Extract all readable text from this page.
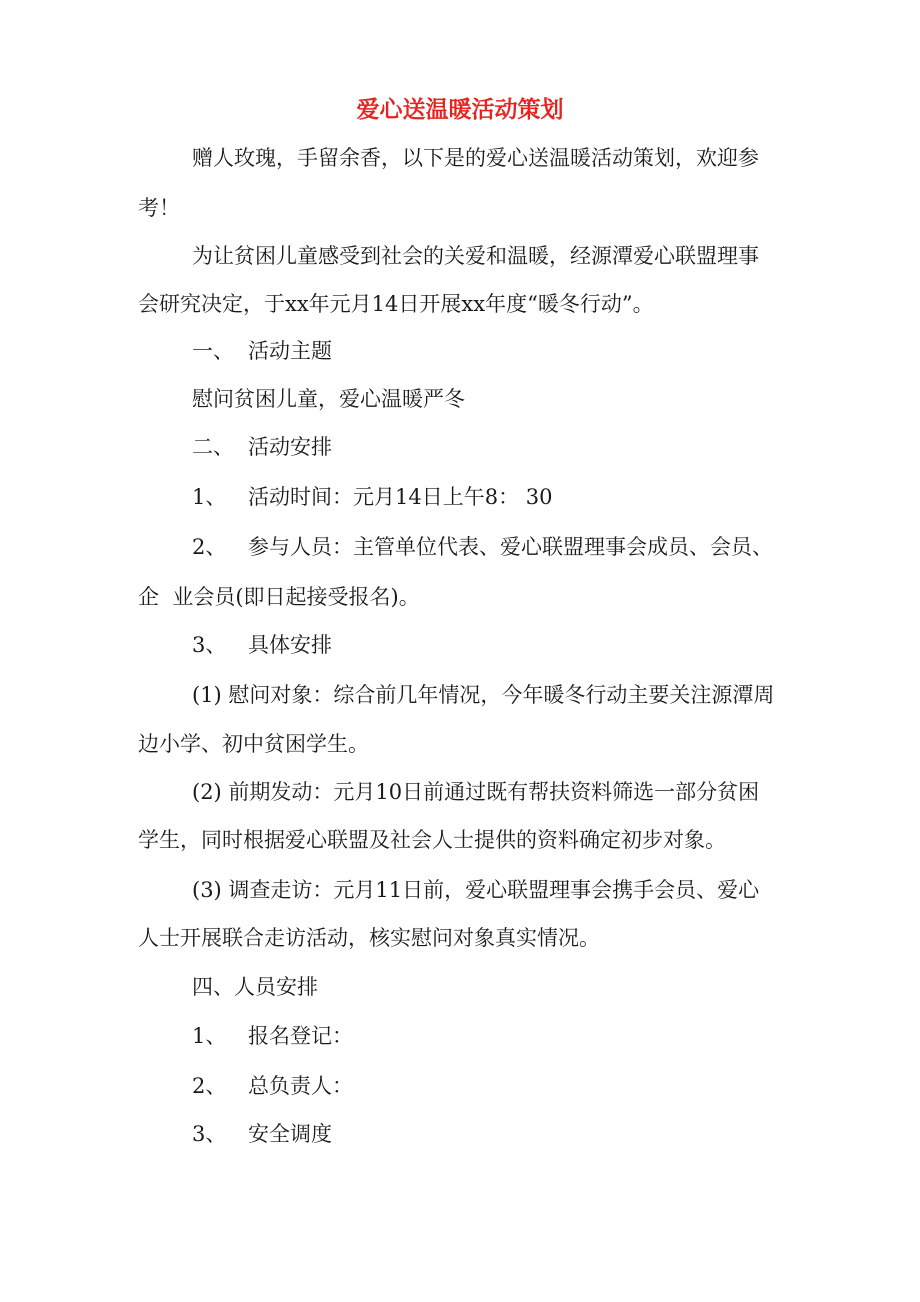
爱心送温暖活动策划
赠人玫瑰，手留余香，以下是的爱心送温暖活动策划，欢迎参
考！
为让贫困儿童感受到社会的关爱和温暖，经源潭爱心联盟理事
会研究决定，于xx年元月14日开展xx年度“暖冬行动”。
一、 活动主题
慰问贫困儿童，爱心温暖严冬
二、 活动安排
1、 活动时间：元月14日上午8： 30
2、 参与人员：主管单位代表、爱心联盟理事会成员、会员、
企  业会员(即日起接受报名)。
3、 具体安排
(1) 慰问对象：综合前几年情况，今年暖冬行动主要关注源潭周
边小学、初中贫困学生。
(2) 前期发动：元月10日前通过既有帮扶资料筛选一部分贫困
学生，同时根据爱心联盟及社会人士提供的资料确定初步对象。
(3) 调查走访：元月11日前，爱心联盟理事会携手会员、爱心
人士开展联合走访活动，核实慰问对象真实情况。
四、人员安排
1、 报名登记：
2、 总负责人：
3、 安全调度
